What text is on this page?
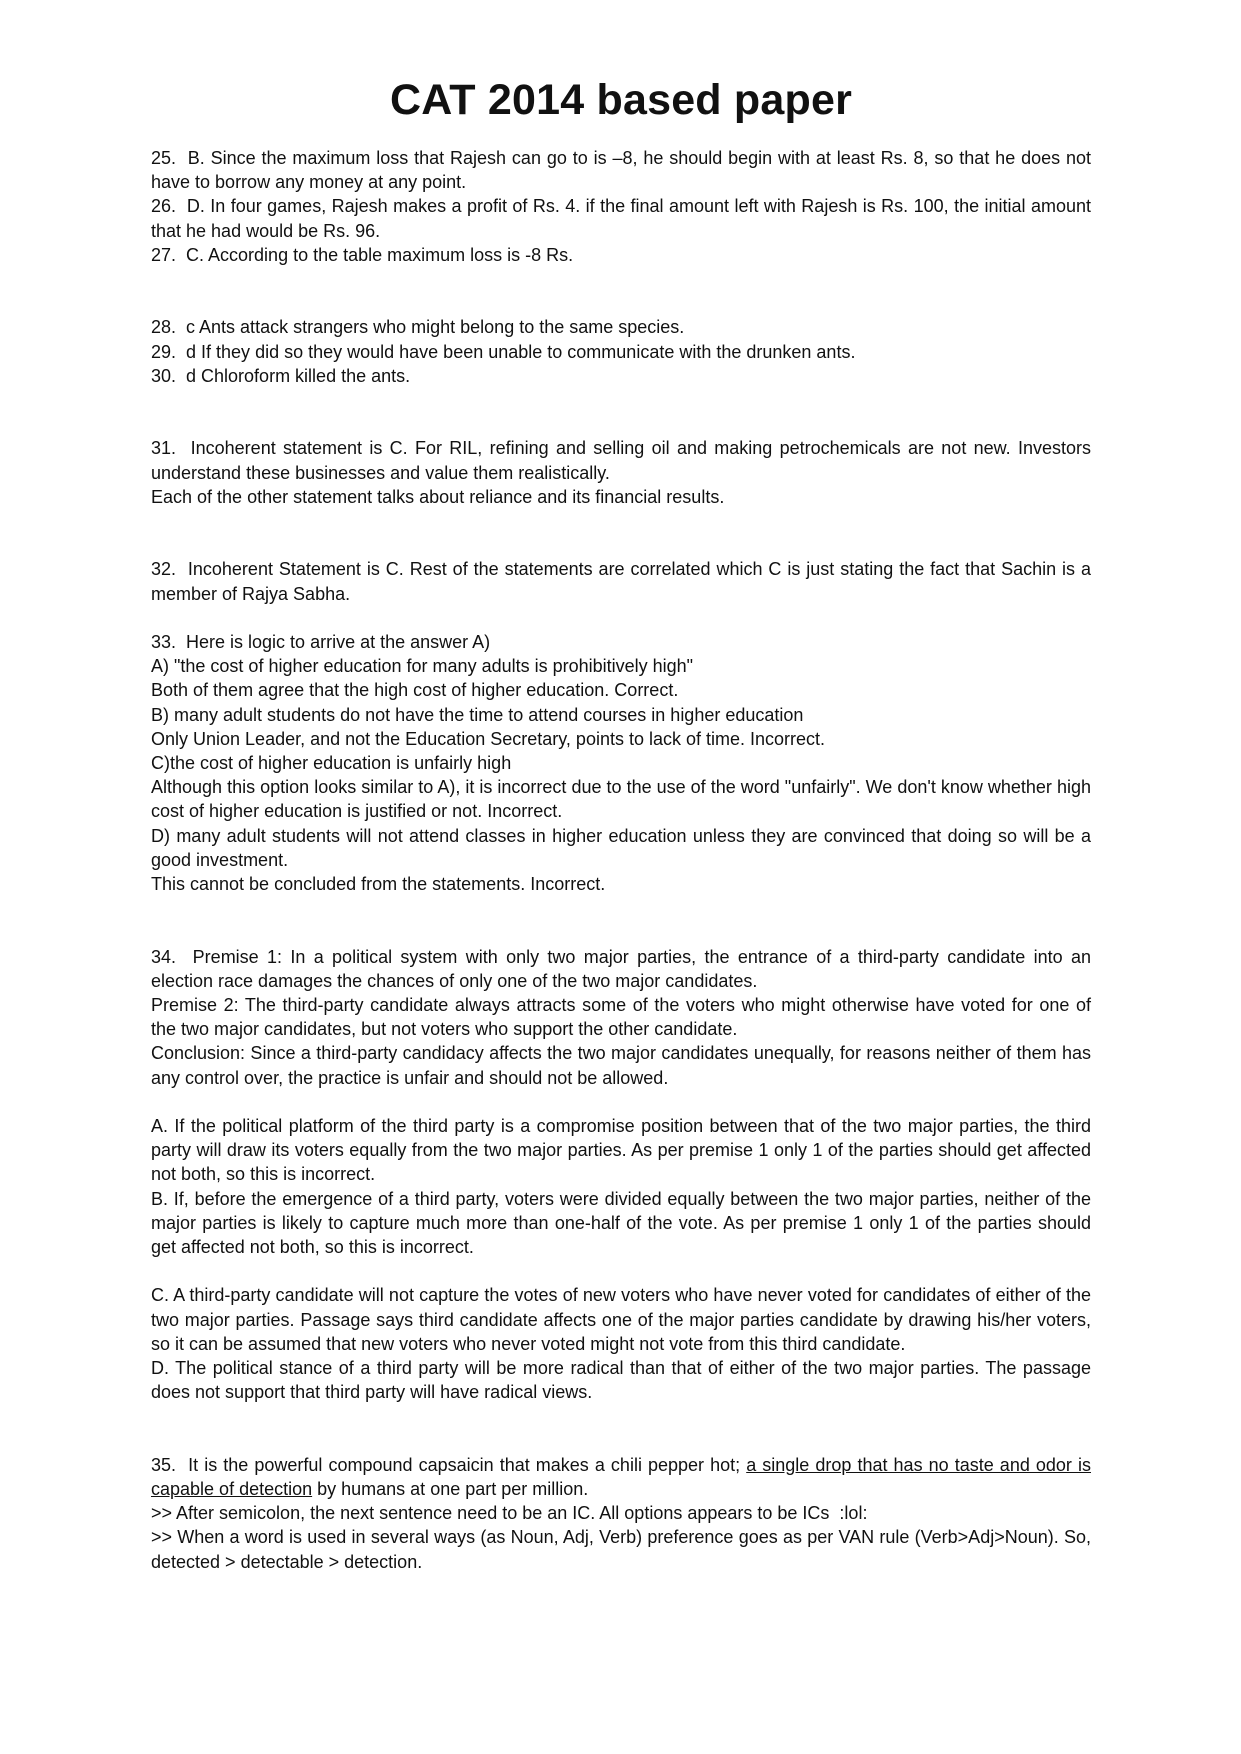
CAT 2014 based paper

25.  B. Since the maximum loss that Rajesh can go to is –8, he should begin with at least Rs. 8, so that he does not have to borrow any money at any point.

26.  D. In four games, Rajesh makes a profit of Rs. 4. if the final amount left with Rajesh is Rs. 100, the initial amount that he had would be Rs. 96.

27.  C. According to the table maximum loss is -8 Rs.

28.  c Ants attack strangers who might belong to the same species.

29.  d If they did so they would have been unable to communicate with the drunken ants.

30.  d Chloroform killed the ants.

31.  Incoherent statement is C. For RIL, refining and selling oil and making petrochemicals are not new. Investors understand these businesses and value them realistically.

Each of the other statement talks about reliance and its financial results.

32.  Incoherent Statement is C. Rest of the statements are correlated which C is just stating the fact that Sachin is a member of Rajya Sabha.

33.  Here is logic to arrive at the answer A)

A) "the cost of higher education for many adults is prohibitively high"

Both of them agree that the high cost of higher education. Correct.

B) many adult students do not have the time to attend courses in higher education

Only Union Leader, and not the Education Secretary, points to lack of time. Incorrect.

C)the cost of higher education is unfairly high

Although this option looks similar to A), it is incorrect due to the use of the word "unfairly". We don't know whether high cost of higher education is justified or not. Incorrect.

D) many adult students will not attend classes in higher education unless they are convinced that doing so will be a good investment.

This cannot be concluded from the statements. Incorrect.

34.  Premise 1: In a political system with only two major parties, the entrance of a third-party candidate into an election race damages the chances of only one of the two major candidates.

Premise 2: The third-party candidate always attracts some of the voters who might otherwise have voted for one of the two major candidates, but not voters who support the other candidate.

Conclusion: Since a third-party candidacy affects the two major candidates unequally, for reasons neither of them has any control over, the practice is unfair and should not be allowed.

A. If the political platform of the third party is a compromise position between that of the two major parties, the third party will draw its voters equally from the two major parties. As per premise 1 only 1 of the parties should get affected not both, so this is incorrect.

B. If, before the emergence of a third party, voters were divided equally between the two major parties, neither of the major parties is likely to capture much more than one-half of the vote. As per premise 1 only 1 of the parties should get affected not both, so this is incorrect.

C. A third-party candidate will not capture the votes of new voters who have never voted for candidates of either of the two major parties. Passage says third candidate affects one of the major parties candidate by drawing his/her voters, so it can be assumed that new voters who never voted might not vote from this third candidate.

D. The political stance of a third party will be more radical than that of either of the two major parties. The passage does not support that third party will have radical views.

35.  It is the powerful compound capsaicin that makes a chili pepper hot; a single drop that has no taste and odor is capable of detection by humans at one part per million.

>> After semicolon, the next sentence need to be an IC. All options appears to be ICs  :lol:

>> When a word is used in several ways (as Noun, Adj, Verb) preference goes as per VAN rule (Verb>Adj>Noun). So, detected > detectable > detection.
